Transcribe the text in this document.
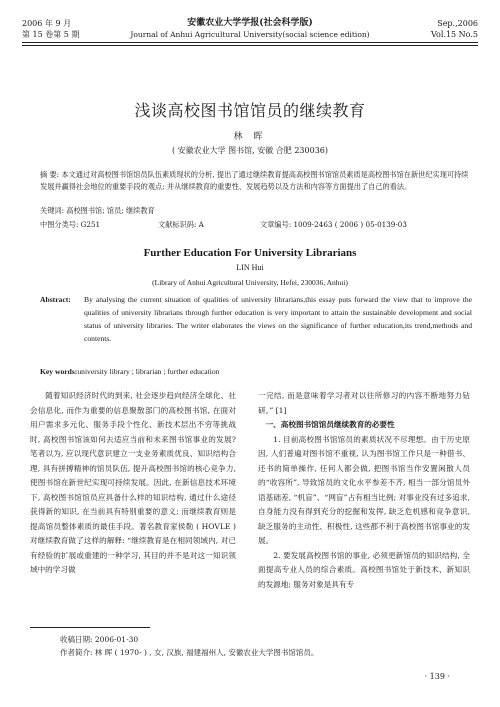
2006 年 9 月
第 15 卷第 5 期
安徽农业大学学报(社会科学版)
Journal of Anhui Agricultural University(social science edition)
Sep.,2006
Vol.15 No.5
浅谈高校图书馆馆员的继续教育
林 晖
( 安徽农业大学 图书馆, 安徽 合肥 230036)
摘 要: 本文通过对高校图书馆馆员队伍素质现状的分析, 提出了通过继续教育提高高校图书馆馆员素质是高校图书馆在新世纪实现可持续发展并赢得社会地位的重要手段的观点; 并从继续教育的重要性、发展趋势以及方法和内容等方面提出了自己的看法。
关键词: 高校图书馆; 馆员; 继续教育
中图分类号: G251	文献标识码: A	文章编号: 1009-2463 ( 2006 ) 05-0139-03
Further Education For University Librarians
LIN Hui
(Library of Anhui Agricultural University, Hefei, 230036, Anhui)
Abstract: By analysing the current situation of qualities of university librarians,this essay puts forward the view that to improve the qualities of university librarians through further education is very important to attain the sustainable development and social status of university libraries. The writer elaborates the views on the significance of further education,its trend,methods and contents.
Key words:university library ; librarian ; further education

随着知识经济时代的到来, 社会逐步趋向经济全球化、社会信息化, 而作为重要的信息聚散部门的高校图书馆, 在面对用户需求多元化、服务手段个性化、新技术层出不穷等挑战时, 高校图书馆该如何去适应当前和未来图书馆事业的发展? 笔者以为, 应以现代意识建立一支业务素质优良、知识结构合理, 具有拼搏精神的馆员队伍, 提升高校图书馆的核心竞争力, 使图书馆在新世纪实现可持续发展。因此, 在新信息技术环境下, 高校图书馆馆员应具备什么样的知识结构, 通过什么途径获得新的知识, 在当前具有特别重要的意义; 而继续教育则是提高馆员整体素质的最佳手段。著名教育家侯勒 ( HOVLE ) 对继续教育做了这样的解释: “继续教育是在相同领域内, 对已有经验的扩展或重建的一种学习, 其目的并不是对这一知识领域中的学习做

一完结, 而是意味着学习者对以往所修习的内容不断地努力钻研。” [1]

一、高校图书馆馆员继续教育的必要性

1. 目前高校图书馆馆员的素质状况不尽理想。由于历史原因, 人们普遍对图书馆不重视, 认为图书馆工作只是一种借书、还书的简单操作, 任何人都会做, 把图书馆当作安置闲散人员的“收容所”, 导致馆员的文化水平参差不齐, 相当一部分馆员外语基础差, “机盲”、“网盲”占有相当比例; 对事业没有过多追求, 自身能力没有得到充分的挖掘和发挥, 缺乏危机感和竞争意识, 缺乏服务的主动性、积极性, 这些都不利于高校图书馆事业的发展。

2. 要发展高校图书馆的事业, 必须更新馆员的知识结构, 全面提高专业人员的综合素质。高校图书馆处于新技术、新知识的发源地; 服务对象是具有专

收稿日期: 2006-01-30
作者简介: 林 晖 ( 1970- ) , 女, 汉族, 福建福州人, 安徽农业大学图书馆馆员。
· 139 ·
